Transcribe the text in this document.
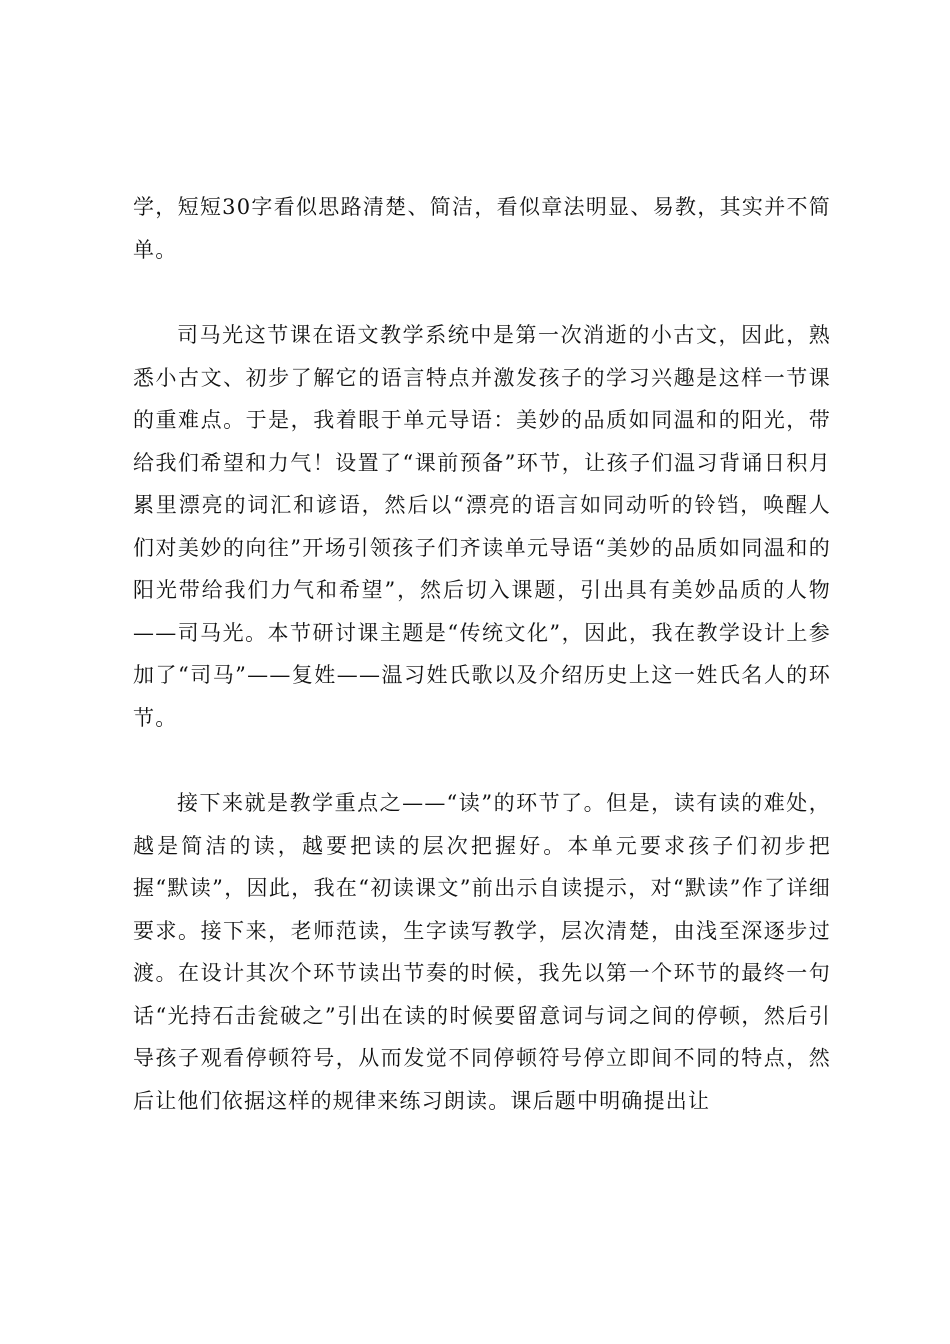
学，短短30字看似思路清楚、简洁，看似章法明显、易教，其实并不简单。

司马光这节课在语文教学系统中是第一次消逝的小古文，因此，熟悉小古文、初步了解它的语言特点并激发孩子的学习兴趣是这样一节课的重难点。于是，我着眼于单元导语：美妙的品质如同温和的阳光，带给我们希望和力气！设置了“课前预备”环节，让孩子们温习背诵日积月累里漂亮的词汇和谚语，然后以“漂亮的语言如同动听的铃铛，唤醒人们对美妙的向往”开场引领孩子们齐读单元导语“美妙的品质如同温和的阳光带给我们力气和希望”，然后切入课题，引出具有美妙品质的人物——司马光。本节研讨课主题是“传统文化”，因此，我在教学设计上参加了“司马”——复姓——温习姓氏歌以及介绍历史上这一姓氏名人的环节。

接下来就是教学重点之——“读”的环节了。但是，读有读的难处，越是简洁的读，越要把读的层次把握好。本单元要求孩子们初步把握“默读”，因此，我在“初读课文”前出示自读提示，对“默读”作了详细要求。接下来，老师范读，生字读写教学，层次清楚，由浅至深逐步过渡。在设计其次个环节读出节奏的时候，我先以第一个环节的最终一句话“光持石击瓮破之”引出在读的时候要留意词与词之间的停顿，然后引导孩子观看停顿符号，从而发觉不同停顿符号停立即间不同的特点，然后让他们依据这样的规律来练习朗读。课后题中明确提出让
